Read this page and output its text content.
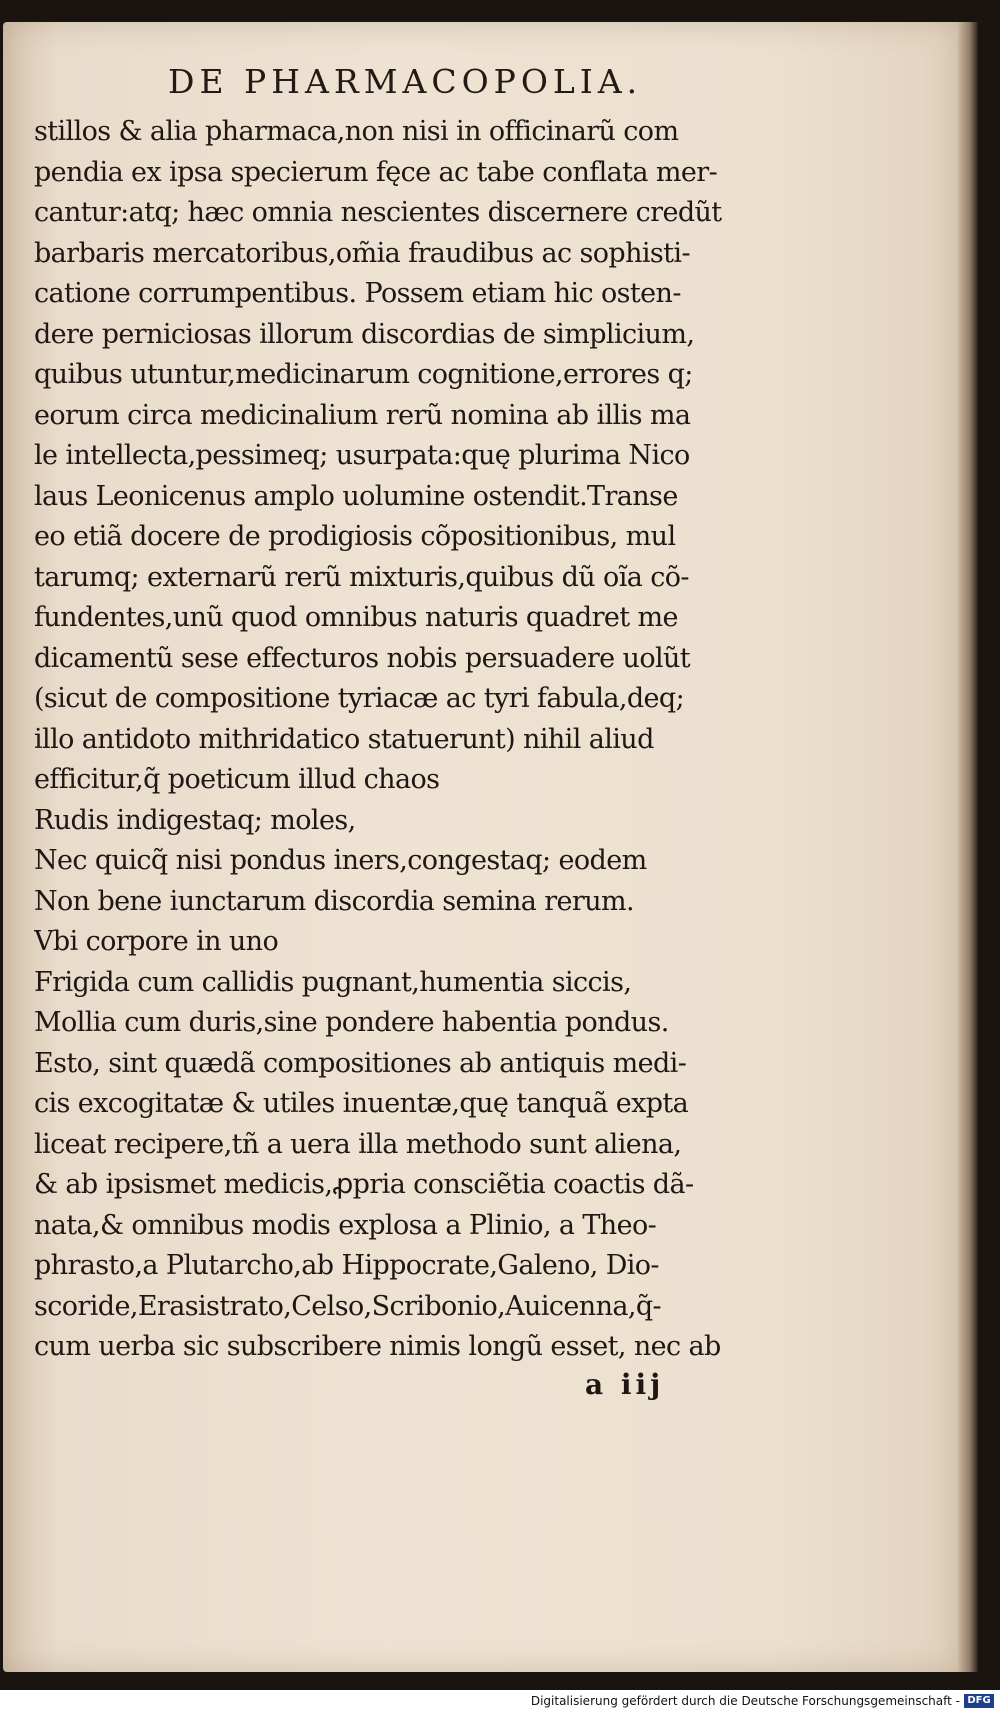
DE PHARMACOPOLIA.
stillos & alia pharmaca,non nisi in officinarũ com
pendia ex ipsa specierum fęce ac tabe conflata mer-
cantur:atq; hæc omnia nescientes discernere credũt
barbaris mercatoribus,om̃ia fraudibus ac sophisti-
catione corrumpentibus. Possem etiam hic osten-
dere perniciosas illorum discordias de simplicium,
quibus utuntur,medicinarum cognitione,errores q;
eorum circa medicinalium rerũ nomina ab illis ma
le intellecta,pessimeq; usurpata:quę plurima Nico
laus Leonicenus amplo uolumine ostendit.Transe
eo etiã docere de prodigiosis cõpositionibus, mul
tarumq; externarũ rerũ mixturis,quibus dũ oĩa cõ-
fundentes,unũ quod omnibus naturis quadret me
dicamentũ sese effecturos nobis persuadere uolũt
(sicut de compositione tyriacæ ac tyri fabula,deq;
illo antidoto mithridatico statuerunt) nihil aliud
efficitur,q̃ poeticum illud chaos
Rudis indigestaq; moles,
Nec quicq̃ nisi pondus iners,congestaq; eodem
Non bene iunctarum discordia semina rerum.
Vbi corpore in uno
Frigida cum callidis pugnant,humentia siccis,
Mollia cum duris,sine pondere habentia pondus.
Esto, sint quædã compositiones ab antiquis medi-
cis excogitatæ & utiles inuentæ,quę tanquã expta
liceat recipere,tñ a uera illa methodo sunt aliena,
& ab ipsismet medicis,ꝓpria consciẽtia coactis dã-
nata,& omnibus modis explosa a Plinio, a Theo-
phrasto,a Plutarcho,ab Hippocrate,Galeno, Dio-
scoride,Erasistrato,Celso,Scribonio,Auicenna,q̃-
cum uerba sic subscribere nimis longũ esset, nec ab
a iij
Digitalisierung gefördert durch die Deutsche Forschungsgemeinschaft - DFG
